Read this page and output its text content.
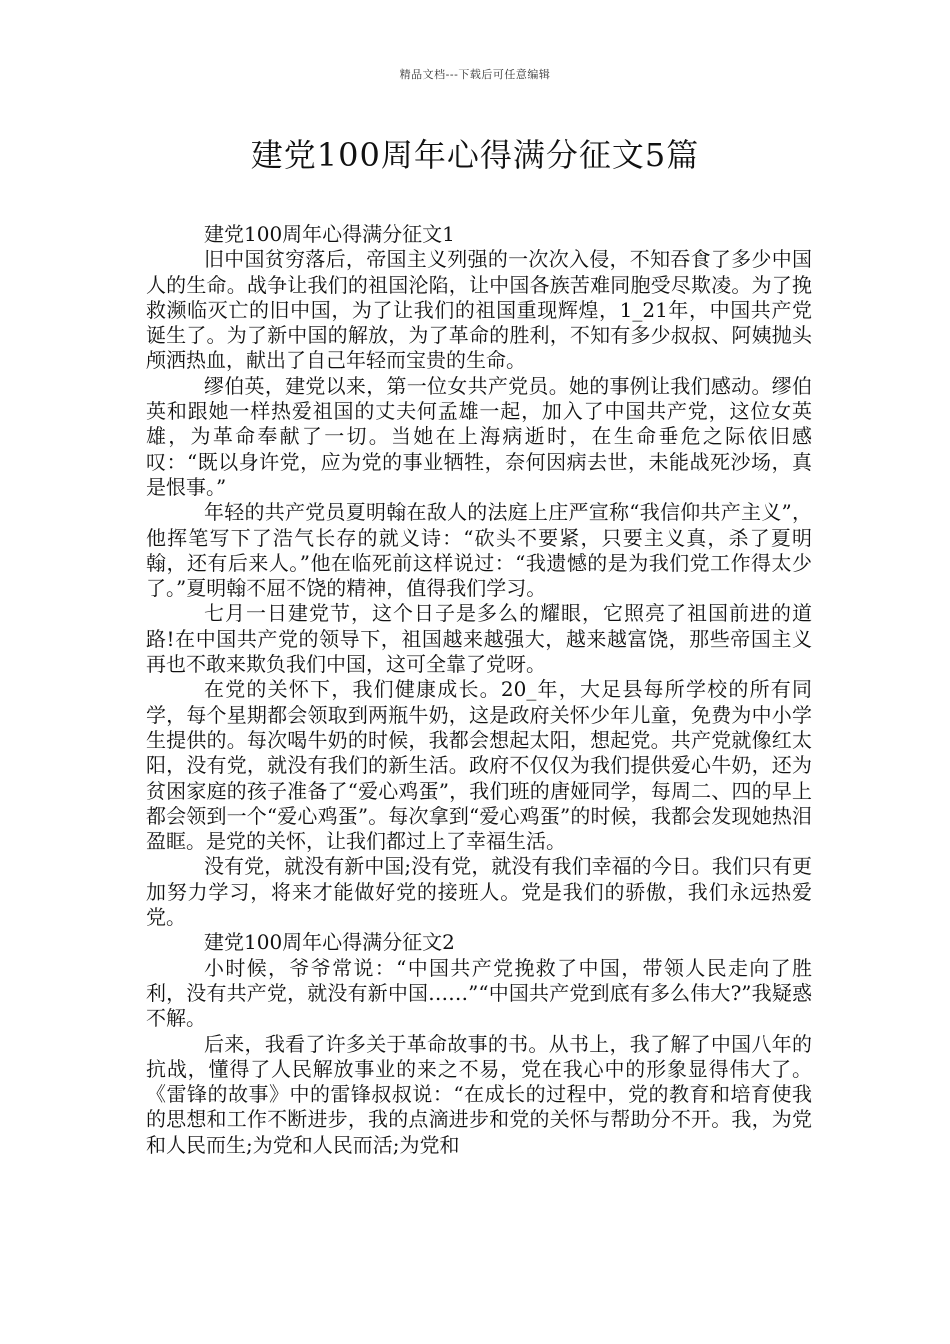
精品文档---下载后可任意编辑
建党100周年心得满分征文5篇

建党100周年心得满分征文1

旧中国贫穷落后，帝国主义列强的一次次入侵，不知吞食了多少中国人的生命。战争让我们的祖国沦陷，让中国各族苦难同胞受尽欺凌。为了挽救濒临灭亡的旧中国，为了让我们的祖国重现辉煌，1_21年，中国共产党诞生了。为了新中国的解放，为了革命的胜利，不知有多少叔叔、阿姨抛头颅洒热血，献出了自己年轻而宝贵的生命。

缪伯英，建党以来，第一位女共产党员。她的事例让我们感动。缪伯英和跟她一样热爱祖国的丈夫何孟雄一起，加入了中国共产党，这位女英雄，为革命奉献了一切。当她在上海病逝时，在生命垂危之际依旧感叹：“既以身许党，应为党的事业牺牲，奈何因病去世，未能战死沙场，真是恨事。”

年轻的共产党员夏明翰在敌人的法庭上庄严宣称“我信仰共产主义”，他挥笔写下了浩气长存的就义诗：“砍头不要紧，只要主义真，杀了夏明翰，还有后来人。”他在临死前这样说过：“我遗憾的是为我们党工作得太少了。”夏明翰不屈不饶的精神，值得我们学习。

七月一日建党节，这个日子是多么的耀眼，它照亮了祖国前进的道路!在中国共产党的领导下，祖国越来越强大，越来越富饶，那些帝国主义再也不敢来欺负我们中国，这可全靠了党呀。

在党的关怀下，我们健康成长。20_年，大足县每所学校的所有同学，每个星期都会领取到两瓶牛奶，这是政府关怀少年儿童，免费为中小学生提供的。每次喝牛奶的时候，我都会想起太阳，想起党。共产党就像红太阳，没有党，就没有我们的新生活。政府不仅仅为我们提供爱心牛奶，还为贫困家庭的孩子准备了“爱心鸡蛋”，我们班的唐娅同学，每周二、四的早上都会领到一个“爱心鸡蛋”。每次拿到“爱心鸡蛋”的时候，我都会发现她热泪盈眶。是党的关怀，让我们都过上了幸福生活。

没有党，就没有新中国;没有党，就没有我们幸福的今日。我们只有更加努力学习，将来才能做好党的接班人。党是我们的骄傲，我们永远热爱党。

建党100周年心得满分征文2

小时候，爷爷常说：“中国共产党挽救了中国，带领人民走向了胜利，没有共产党，就没有新中国……”“中国共产党到底有多么伟大?”我疑惑不解。

后来，我看了许多关于革命故事的书。从书上，我了解了中国八年的抗战，懂得了人民解放事业的来之不易，党在我心中的形象显得伟大了。《雷锋的故事》中的雷锋叔叔说：“在成长的过程中，党的教育和培育使我的思想和工作不断进步，我的点滴进步和党的关怀与帮助分不开。我，为党和人民而生;为党和人民而活;为党和
